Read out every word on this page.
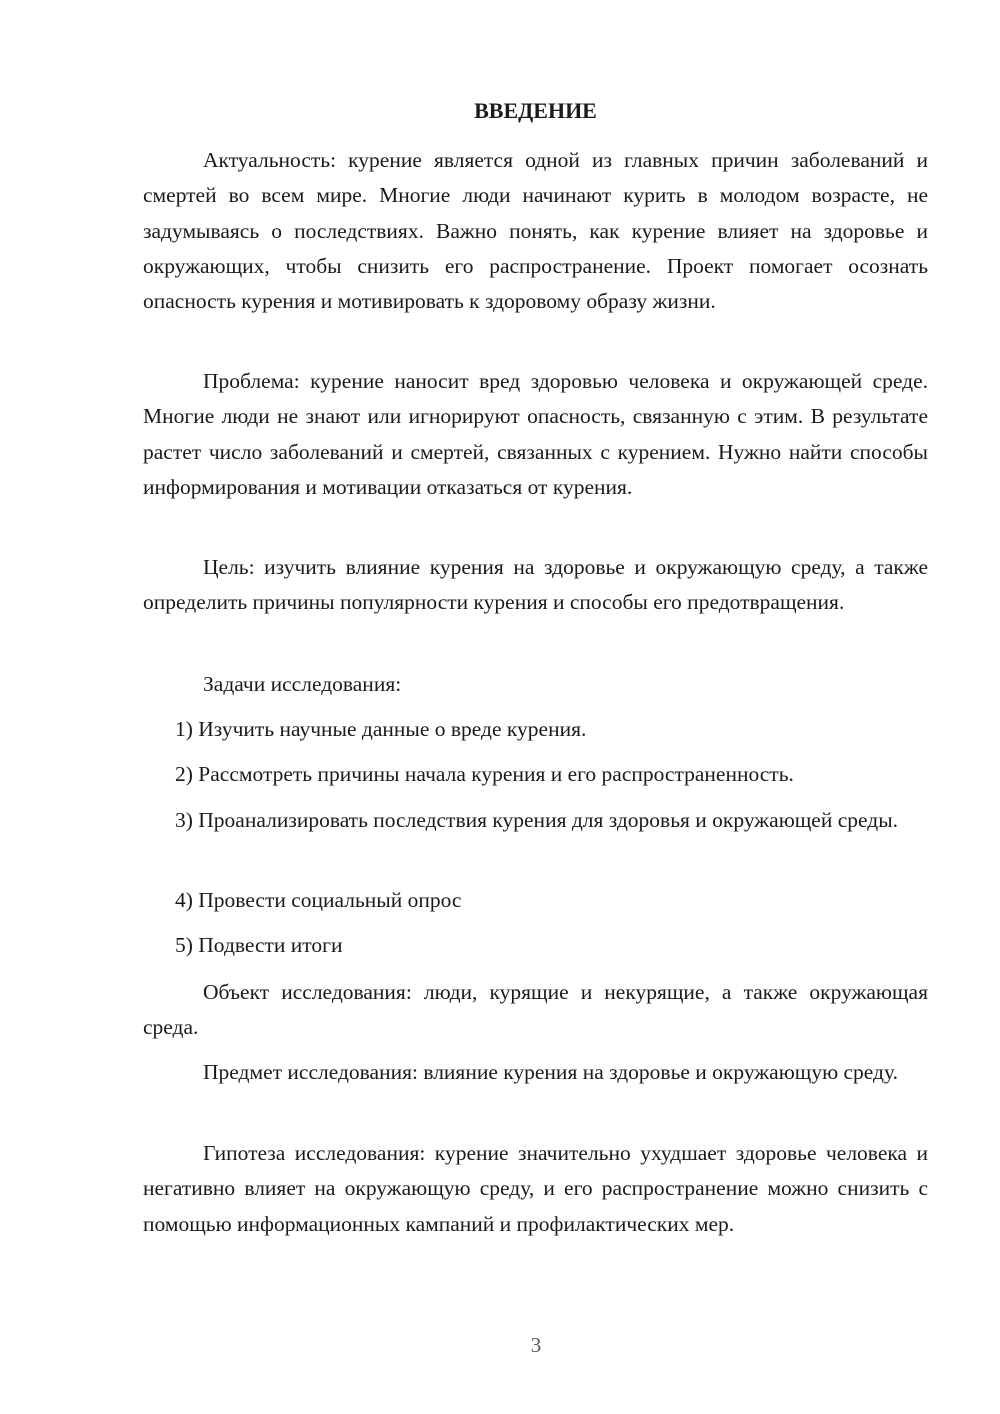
ВВЕДЕНИЕ

Актуальность: курение является одной из главных причин заболеваний и смертей во всем мире. Многие люди начинают курить в молодом возрасте, не задумываясь о последствиях. Важно понять, как курение влияет на здоровье и окружающих, чтобы снизить его распространение. Проект помогает осознать опасность курения и мотивировать к здоровому образу жизни.

Проблема: курение наносит вред здоровью человека и окружающей среде. Многие люди не знают или игнорируют опасность, связанную с этим. В результате растет число заболеваний и смертей, связанных с курением. Нужно найти способы информирования и мотивации отказаться от курения.

Цель: изучить влияние курения на здоровье и окружающую среду, а также определить причины популярности курения и способы его предотвращения.

Задачи исследования:

1) Изучить научные данные о вреде курения.

2) Рассмотреть причины начала курения и его распространенность.

3) Проанализировать последствия курения для здоровья и окружающей среды.

4) Провести социальный опрос

5) Подвести итоги

Объект исследования: люди, курящие и некурящие, а также окружающая среда.

Предмет исследования: влияние курения на здоровье и окружающую среду.

Гипотеза исследования: курение значительно ухудшает здоровье человека и негативно влияет на окружающую среду, и его распространение можно снизить с помощью информационных кампаний и профилактических мер.

3
